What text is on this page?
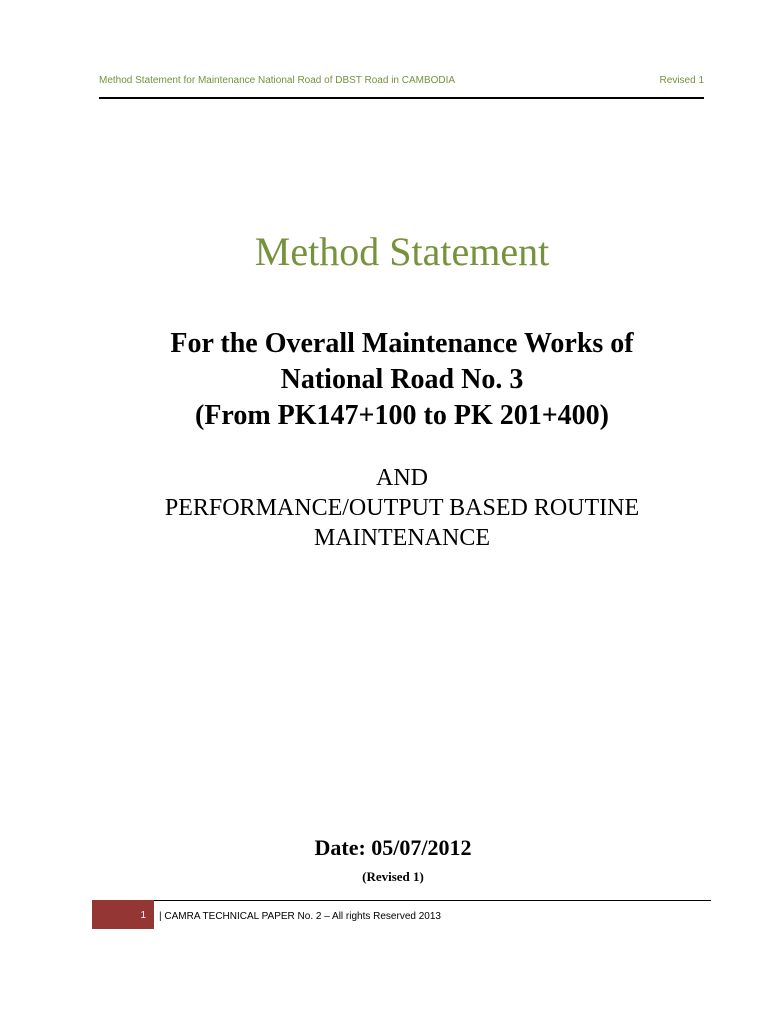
Method Statement for Maintenance National Road of DBST Road in CAMBODIA	Revised 1
Method Statement
For the Overall Maintenance Works of
National Road No. 3
(From PK147+100 to PK 201+400)
AND
PERFORMANCE/OUTPUT BASED ROUTINE
MAINTENANCE
Date: 05/07/2012
(Revised 1)
1 | CAMRA TECHNICAL PAPER No. 2 – All rights Reserved 2013
